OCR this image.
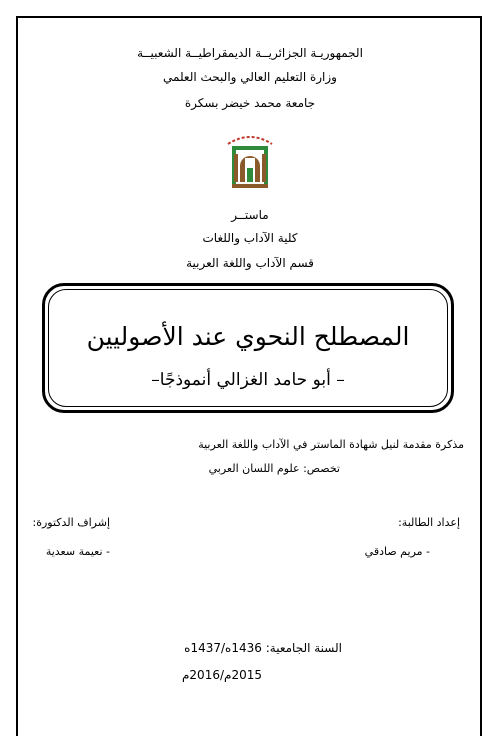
الجمهوريـة الجزائريــة الديمقراطيــة الشعبيــة
وزارة التعليم العالي والبحث العلمي
جامعة محمد خيضر بسكرة
ماستــر
كلية الآداب واللغات
قسم الآداب واللغة العربية
المصطلح النحوي عند الأصوليين
– أبو حامد الغزالي أنموذجًا–
مذكرة مقدمة لنيل شهادة الماستر في الآداب واللغة العربية
تخصص: علوم اللسان العربي
إعداد الطالبة:
- مريم صادقي
إشراف الدكتورة:
- نعيمة سعدية
السنة الجامعية: 1436ه/1437ه
2015م/2016م
